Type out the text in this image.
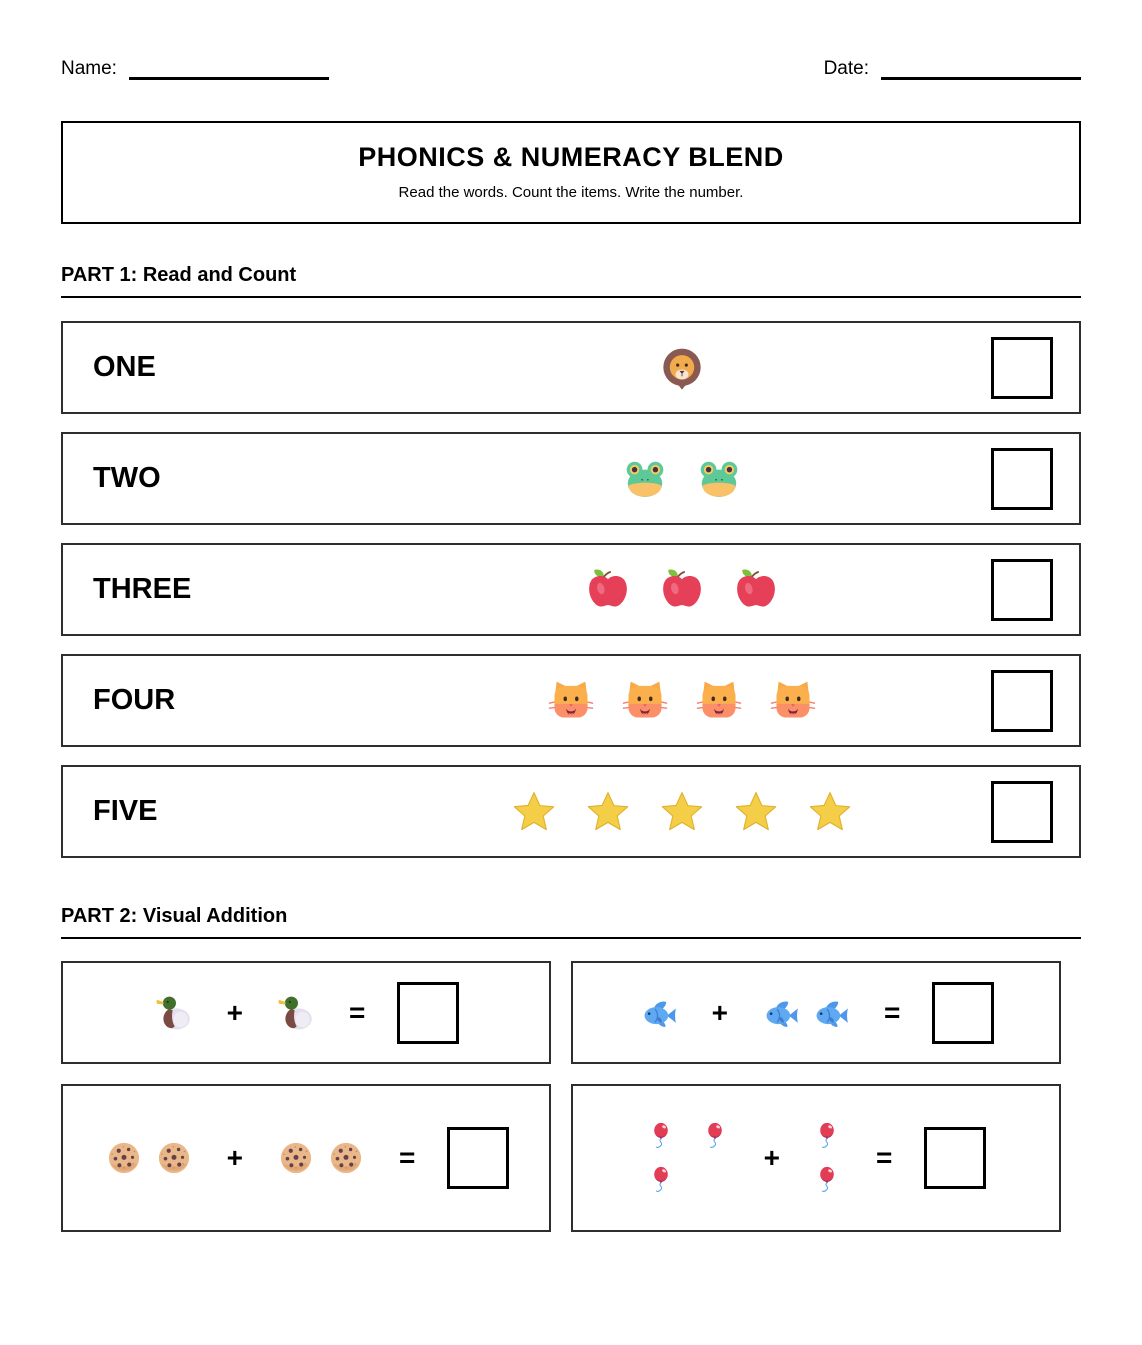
Name:	Date:
PHONICS & NUMERACY BLEND
Read the words. Count the items. Write the number.
PART 1: Read and Count
ONE
TWO
THREE
FOUR
FIVE
PART 2: Visual Addition
+	=	+	=
+	=	+	=
